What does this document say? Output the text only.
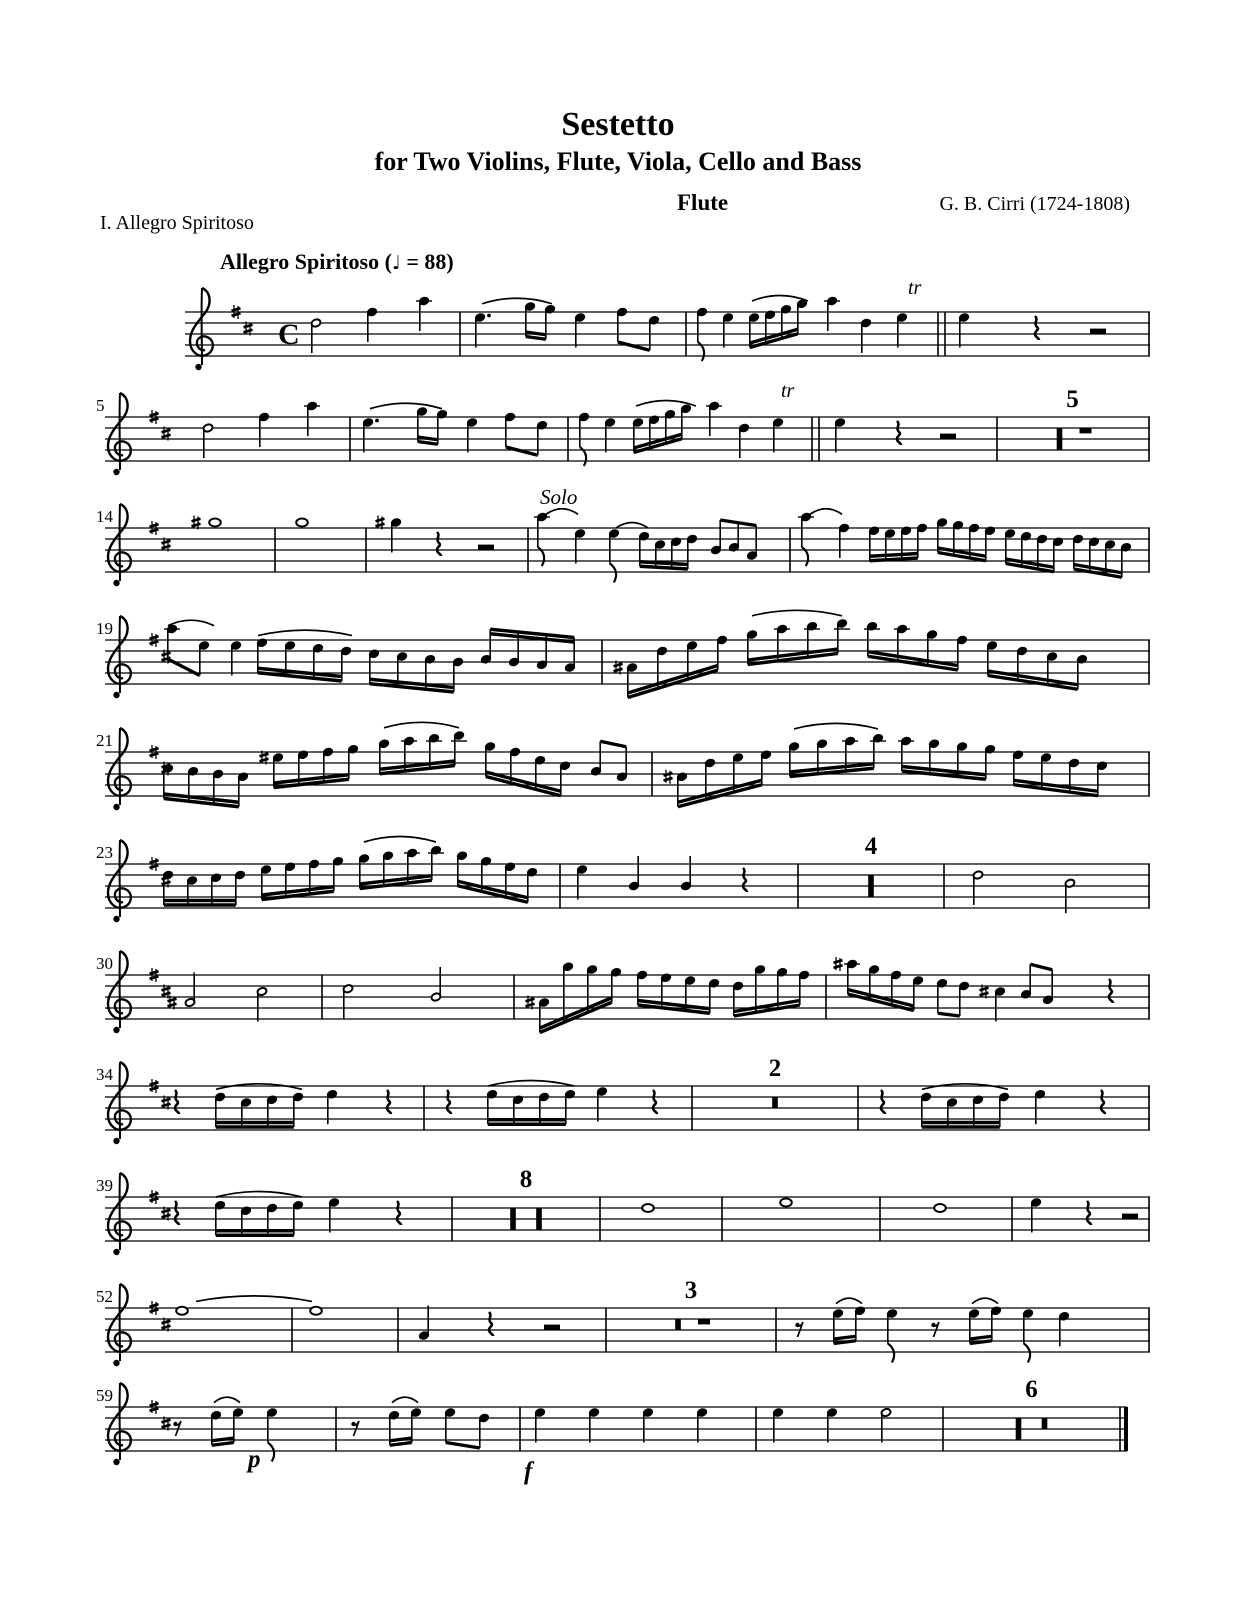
Sestetto
for Two Violins, Flute, Viola, Cello and Bass
Flute	G. B. Cirri (1724-1808)
I. Allegro Spiritoso
Allegro Spiritoso (♩ = 88)
C
tr
5
tr	5
14
Solo
19
21
23	4
30
34	2
39	8
52	3
59
p	f
6
